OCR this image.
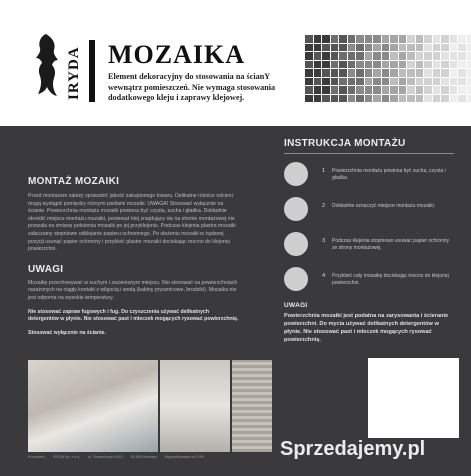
IRYDA MOZAIKA
Element dekoracyjny do stosowania na ścianY wewnątrz pomieszczeń. Nie wymaga stosowania dodatkowego kleju i zaprawy klejowej.
MONTAŻ MOZAIKI
Przed montażem należy sprawdzić jakość zakupionego towaru. Delikatne różnice odcieni mogą wystąpić pomiędzy różnymi partiami mozaiki. UWAGA! Stosować wyłącznie na ścianie. Powierzchnia montażu mozaiki powinna być czysta, sucha i gładka. Dokładnie określić miejsce montażu mozaiki, ponieważ klej znajdujący się na stronie montażowej nie pozwala na zmianę położenia mozaiki po jej przyklejeniu. Podczas klejenia plastra mozaiki załaczamy stopniowe odklejanie papieru ochronnego. Po ułożeniu mozaiki w żądanej pozycji usunąć papier ochronny i przykleić plaster mozaiki dociskając mocno do klejonej powierzchni.
UWAGI
Mozaikę przechowywać w suchym i zacienionym miejscu. Nie stosować na powierzchniach narażonych na ciągły kontakt z wilgocią i wodą (kabiny prysznicowe, brodziki). Mozaika nie jest odporna na wysokie temperatury.
Nie stosować zapraw fugowych i fug. Do czyszczenia używać delikatnych detergentów w płynie. Nie stosować past i mleczek mogących rysować powierzchnię.
Stosować wyłącznie na ścianie.
INSTRUKCJA MONTAŻU
1 Powierzchnia montażu powinna być sucha, czysta i gładka.
2 Dokładnie oznaczyć miejsce montażu mozaiki.
3 Podczas klejenia stopniowo usuwać papier ochronny ze strony montażowej.
4 Przykleić cały mozaikę dociskając mocno do klejonej powierzchni.
UWAGI
Powierzchnia mozaiki jest podatna na zarysowania i ścieranie powierzchni. Do mycia używać delikatnych detergentów w płynie. Nie stosować past i mleczek mogących rysować powierzchnię.
Producent: IRYDA Sp. z o.o. ul. Sezamkowa 14/15 50-500 Wrocław Wyprodukowano w CHN	Sprzedajemy.pl
